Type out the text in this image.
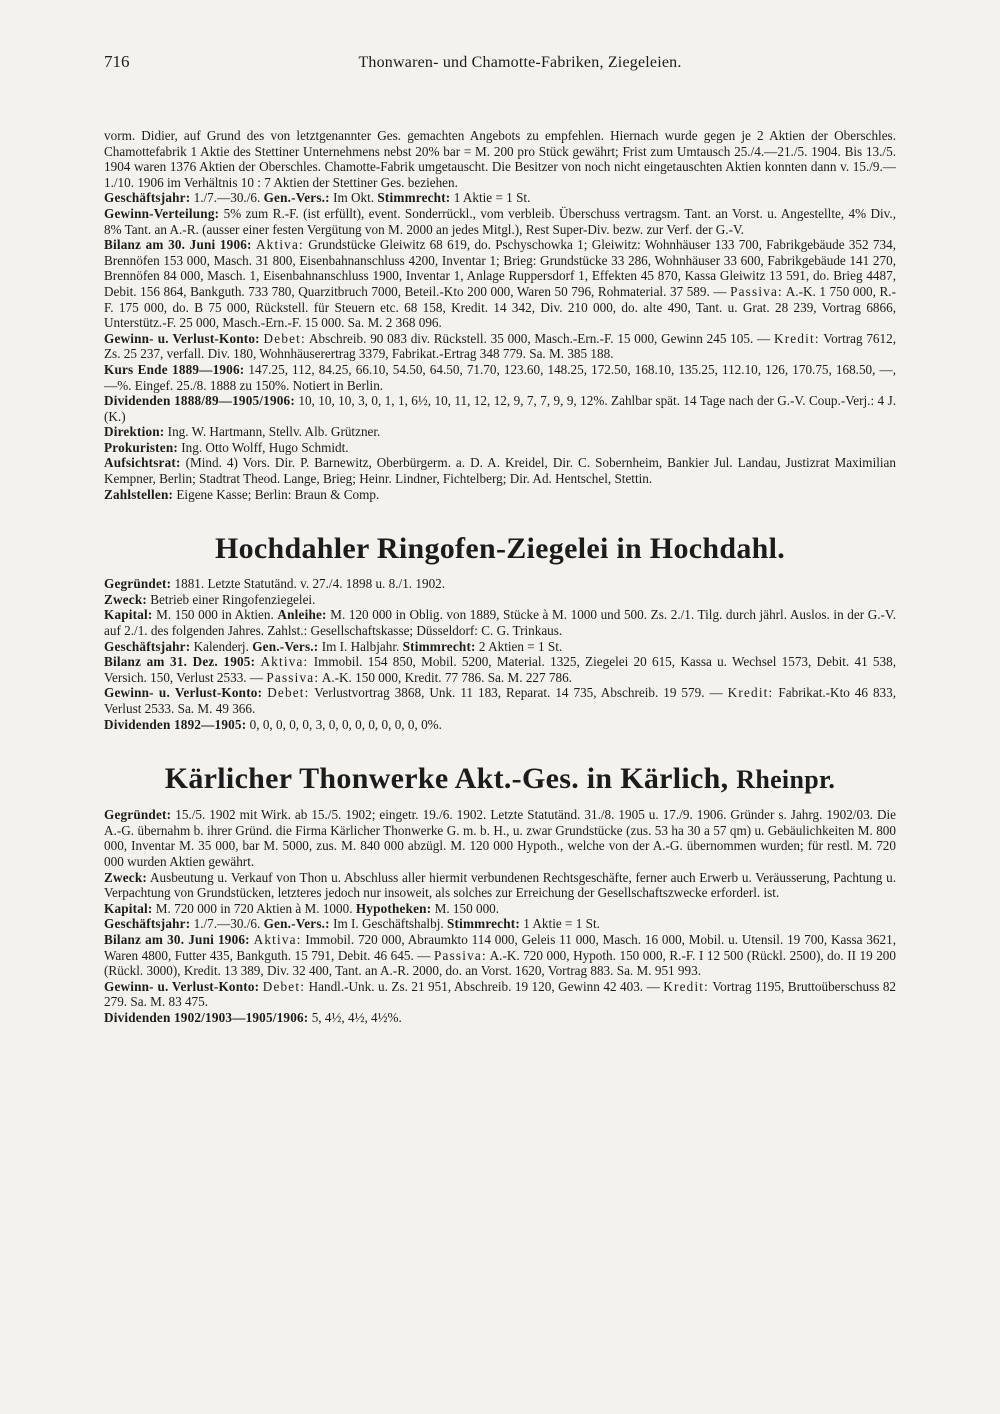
716	Thonwaren- und Chamotte-Fabriken, Ziegeleien.

vorm. Didier, auf Grund des von letztgenannter Ges. gemachten Angebots zu empfehlen. Hiernach wurde gegen je 2 Aktien der Oberschles. Chamottefabrik 1 Aktie des Stettiner Unternehmens nebst 20% bar = M. 200 pro Stück gewährt; Frist zum Umtausch 25./4.—21./5. 1904. Bis 13./5. 1904 waren 1376 Aktien der Oberschles. Chamotte-Fabrik umgetauscht. Die Besitzer von noch nicht eingetauschten Aktien konnten dann v. 15./9.—1./10. 1906 im Verhältnis 10 : 7 Aktien der Stettiner Ges. beziehen.

Geschäftsjahr: 1./7.—30./6. Gen.-Vers.: Im Okt. Stimmrecht: 1 Aktie = 1 St.

Gewinn-Verteilung: 5% zum R.-F. (ist erfüllt), event. Sonderrückl., vom verbleib. Überschuss vertragsm. Tant. an Vorst. u. Angestellte, 4% Div., 8% Tant. an A.-R. (ausser einer festen Vergütung von M. 2000 an jedes Mitgl.), Rest Super-Div. bezw. zur Verf. der G.-V.

Bilanz am 30. Juni 1906: Aktiva: Grundstücke Gleiwitz 68 619, do. Pschyschowka 1; Gleiwitz: Wohnhäuser 133 700, Fabrikgebäude 352 734, Brennöfen 153 000, Masch. 31 800, Eisenbahnanschluss 4200, Inventar 1; Brieg: Grundstücke 33 286, Wohnhäuser 33 600, Fabrikgebäude 141 270, Brennöfen 84 000, Masch. 1, Eisenbahnanschluss 1900, Inventar 1, Anlage Ruppersdorf 1, Effekten 45 870, Kassa Gleiwitz 13 591, do. Brieg 4487, Debit. 156 864, Bankguth. 733 780, Quarzitbruch 7000, Beteil.-Kto 200 000, Waren 50 796, Rohmaterial. 37 589. — Passiva: A.-K. 1 750 000, R.-F. 175 000, do. B 75 000, Rückstell. für Steuern etc. 68 158, Kredit. 14 342, Div. 210 000, do. alte 490, Tant. u. Grat. 28 239, Vortrag 6866, Unterstütz.-F. 25 000, Masch.-Ern.-F. 15 000. Sa. M. 2 368 096.

Gewinn- u. Verlust-Konto: Debet: Abschreib. 90 083 div. Rückstell. 35 000, Masch.-Ern.-F. 15 000, Gewinn 245 105. — Kredit: Vortrag 7612, Zs. 25 237, verfall. Div. 180, Wohnhäuserertrag 3379, Fabrikat.-Ertrag 348 779. Sa. M. 385 188.

Kurs Ende 1889—1906: 147.25, 112, 84.25, 66.10, 54.50, 64.50, 71.70, 123.60, 148.25, 172.50, 168.10, 135.25, 112.10, 126, 170.75, 168.50, —, —%. Eingef. 25./8. 1888 zu 150%. Notiert in Berlin.

Dividenden 1888/89—1905/1906: 10, 10, 10, 3, 0, 1, 1, 6½, 10, 11, 12, 12, 9, 7, 7, 9, 9, 12%. Zahlbar spät. 14 Tage nach der G.-V. Coup.-Verj.: 4 J. (K.)

Direktion: Ing. W. Hartmann, Stellv. Alb. Grützner.

Prokuristen: Ing. Otto Wolff, Hugo Schmidt.

Aufsichtsrat: (Mind. 4) Vors. Dir. P. Barnewitz, Oberbürgerm. a. D. A. Kreidel, Dir. C. Sobernheim, Bankier Jul. Landau, Justizrat Maximilian Kempner, Berlin; Stadtrat Theod. Lange, Brieg; Heinr. Lindner, Fichtelberg; Dir. Ad. Hentschel, Stettin.

Zahlstellen: Eigene Kasse; Berlin: Braun & Comp.

Hochdahler Ringofen-Ziegelei in Hochdahl.

Gegründet: 1881. Letzte Statutänd. v. 27./4. 1898 u. 8./1. 1902.

Zweck: Betrieb einer Ringofenziegelei.

Kapital: M. 150 000 in Aktien. Anleihe: M. 120 000 in Oblig. von 1889, Stücke à M. 1000 und 500. Zs. 2./1. Tilg. durch jährl. Auslos. in der G.-V. auf 2./1. des folgenden Jahres. Zahlst.: Gesellschaftskasse; Düsseldorf: C. G. Trinkaus.

Geschäftsjahr: Kalenderj. Gen.-Vers.: Im I. Halbjahr. Stimmrecht: 2 Aktien = 1 St.

Bilanz am 31. Dez. 1905: Aktiva: Immobil. 154 850, Mobil. 5200, Material. 1325, Ziegelei 20 615, Kassa u. Wechsel 1573, Debit. 41 538, Versich. 150, Verlust 2533. — Passiva: A.-K. 150 000, Kredit. 77 786. Sa. M. 227 786.

Gewinn- u. Verlust-Konto: Debet: Verlustvortrag 3868, Unk. 11 183, Reparat. 14 735, Abschreib. 19 579. — Kredit: Fabrikat.-Kto 46 833, Verlust 2533. Sa. M. 49 366.

Dividenden 1892—1905: 0, 0, 0, 0, 0, 3, 0, 0, 0, 0, 0, 0, 0, 0%.

Kärlicher Thonwerke Akt.-Ges. in Kärlich, Rheinpr.

Gegründet: 15./5. 1902 mit Wirk. ab 15./5. 1902; eingetr. 19./6. 1902. Letzte Statutänd. 31./8. 1905 u. 17./9. 1906. Gründer s. Jahrg. 1902/03. Die A.-G. übernahm b. ihrer Gründ. die Firma Kärlicher Thonwerke G. m. b. H., u. zwar Grundstücke (zus. 53 ha 30 a 57 qm) u. Gebäulichkeiten M. 800 000, Inventar M. 35 000, bar M. 5000, zus. M. 840 000 abzügl. M. 120 000 Hypoth., welche von der A.-G. übernommen wurden; für restl. M. 720 000 wurden Aktien gewährt.

Zweck: Ausbeutung u. Verkauf von Thon u. Abschluss aller hiermit verbundenen Rechtsgeschäfte, ferner auch Erwerb u. Veräusserung, Pachtung u. Verpachtung von Grundstücken, letzteres jedoch nur insoweit, als solches zur Erreichung der Gesellschaftszwecke erforderl. ist.

Kapital: M. 720 000 in 720 Aktien à M. 1000. Hypotheken: M. 150 000.

Geschäftsjahr: 1./7.—30./6. Gen.-Vers.: Im I. Geschäftshalbj. Stimmrecht: 1 Aktie = 1 St.

Bilanz am 30. Juni 1906: Aktiva: Immobil. 720 000, Abraumkto 114 000, Geleis 11 000, Masch. 16 000, Mobil. u. Utensil. 19 700, Kassa 3621, Waren 4800, Futter 435, Bankguth. 15 791, Debit. 46 645. — Passiva: A.-K. 720 000, Hypoth. 150 000, R.-F. I 12 500 (Rückl. 2500), do. II 19 200 (Rückl. 3000), Kredit. 13 389, Div. 32 400, Tant. an A.-R. 2000, do. an Vorst. 1620, Vortrag 883. Sa. M. 951 993.

Gewinn- u. Verlust-Konto: Debet: Handl.-Unk. u. Zs. 21 951, Abschreib. 19 120, Gewinn 42 403. — Kredit: Vortrag 1195, Bruttoüberschuss 82 279. Sa. M. 83 475.

Dividenden 1902/1903—1905/1906: 5, 4½, 4½, 4½%.
